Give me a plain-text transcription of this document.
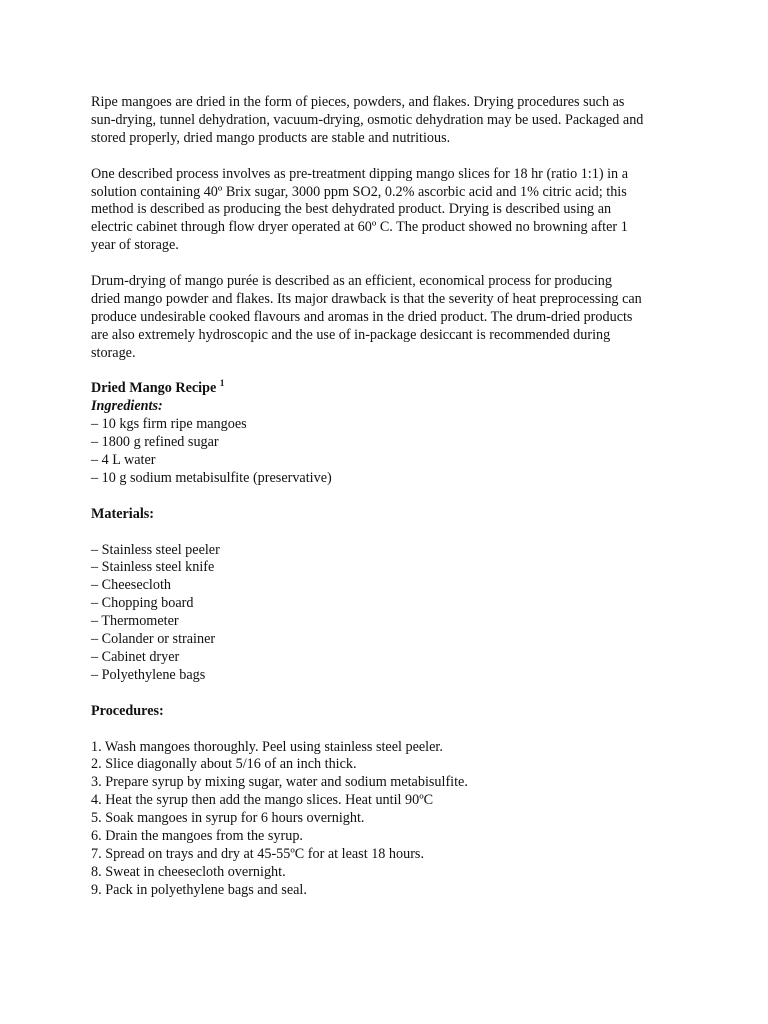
Ripe mangoes are dried in the form of pieces, powders, and flakes. Drying procedures such as
sun-drying, tunnel dehydration, vacuum-drying, osmotic dehydration may be used. Packaged and
stored properly, dried mango products are stable and nutritious.

One described process involves as pre-treatment dipping mango slices for 18 hr (ratio 1:1) in a
solution containing 40º Brix sugar, 3000 ppm SO2, 0.2% ascorbic acid and 1% citric acid; this
method is described as producing the best dehydrated product. Drying is described using an
electric cabinet through flow dryer operated at 60º C. The product showed no browning after 1
year of storage.

Drum-drying of mango purée is described as an efficient, economical process for producing
dried mango powder and flakes. Its major drawback is that the severity of heat preprocessing can
produce undesirable cooked flavours and aromas in the dried product. The drum-dried products
are also extremely hydroscopic and the use of in-package desiccant is recommended during
storage.

Dried Mango Recipe $^1$

Ingredients:

– 10 kgs firm ripe mangoes
– 1800 g refined sugar
– 4 L water
– 10 g sodium metabisulfite (preservative)

Materials:

– Stainless steel peeler
– Stainless steel knife
– Cheesecloth
– Chopping board
– Thermometer
– Colander or strainer
– Cabinet dryer
– Polyethylene bags

Procedures:

1. Wash mangoes thoroughly. Peel using stainless steel peeler.
2. Slice diagonally about 5/16 of an inch thick.
3. Prepare syrup by mixing sugar, water and sodium metabisulfite.
4. Heat the syrup then add the mango slices. Heat until 90ºC
5. Soak mangoes in syrup for 6 hours overnight.
6. Drain the mangoes from the syrup.
7. Spread on trays and dry at 45-55ºC for at least 18 hours.
8. Sweat in cheesecloth overnight.
9. Pack in polyethylene bags and seal.
